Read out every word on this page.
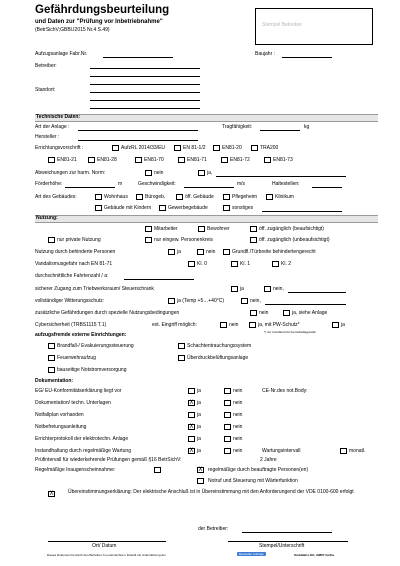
Gefährdungsbeurteilung
und Daten zur "Prüfung vor Inbetriebnahme"
(BetrSichV;GBBl.I2015 Nr.4 S.49)
Stempel Betreiber
Aufzugsanlage Fabr.Nr.	Baujahr :
Betreiber:
Standort:
Technische Daten:
Art der Anlage :	Tragfähigkeit:	kg
Hersteller :
Errichtungsvorschrift :	AufzRL 2014/33/EU	EN 81-1/2	EN81-20	TRA200
EN81-21	EN81-28	EN81-70	EN81-71	EN81-72	EN81-73
Abweichungen zur harm. Norm:	nein	ja,
Förderhöhe:	m	Geschwindigkeit:	m/s	Haltestellen:
Art des Gebäudes:	Wohnhaus	Bürogeb.	öff. Gebäude	Pflegeheim	Klinikum
Gebäude mit Kindern	Gewerbegebäude	sonstiges
Nutzung:
Mitarbeiter	Bewohner	öff. zugänglich (beaufsichtigt)
nur private Nutzung	nur eingew. Personenkreis	öff. zugänglich (unbeaufsichtigt)
Nutzung durch behinderte Personen	ja	nein	Grundfl./Türbreite behindertengerecht
Vandalismusgefahr nach EN 81-71	Kl. 0	Kl. 1	Kl. 2
durchschnittliche Fahrtenzahl / a:
sicherer Zugang zum Triebwerksraum/ Steuerschrank	ja	nein,
vollständiger Witterungsschutz:	ja (Temp +5…+40°C)	nein,
zusätzliche Gefährdungen durch spezielle Nutzungsbedingungen	nein	ja, siehe Anlage
Cybersicherheit (TRBS1115 T.1)	ext. Eingriff möglich:	nein	ja, mit PW-Schutz*	ja
*) nur zutreffend für Fernwirkdiagnostik
aufzugsfremde externe Einrichtungen:
Brandfall-/ Evakuierungssteuerung	Schachtentrauchungssystem
Feuerwehraufzug	Überdruckbelüftungsanlage
bauseitige Notstromversorgung
Dokumentation:
EG/ EU-Konformitätserklärung liegt vor	ja	nein	CE-Nr.des not.Body:
Dokumentation/ techn. Unterlagen X	ja	nein
Notfallplan vorhanden	ja	nein
Notbefreiungsanleitung X	ja	nein
Errichterprotokoll der elektrotechn. Anlage	ja	nein
Instandhaltung durch regelmäßige Wartung X	ja	nein	Wartungsintervall	monatl.
Prüfintervall für wiederkehrende Prüfungen gemäß §16 BetrSichV:	2 Jahre
Regelmäßige Inaugenscheinnahme: X	regelmäßige durch beauftragte Personen(en)
Notruf und Steuerung mit Wärterfunktion
X
Übereinstimmungserklärung: Der elektrische Anschluß ist in Übereinstimmung mit den Anforderungend der VDE 0100-600 erfolgt
der Betreiber:
Ort/ Datum	Stempel/Unterschrift
Dieses Dokument ist durch den Betreiber zu unterzeichnen. Erstellt mit Unterstützung der	Bestseller Aufzüge	GmbH&Co.KG, 99867 Gotha
